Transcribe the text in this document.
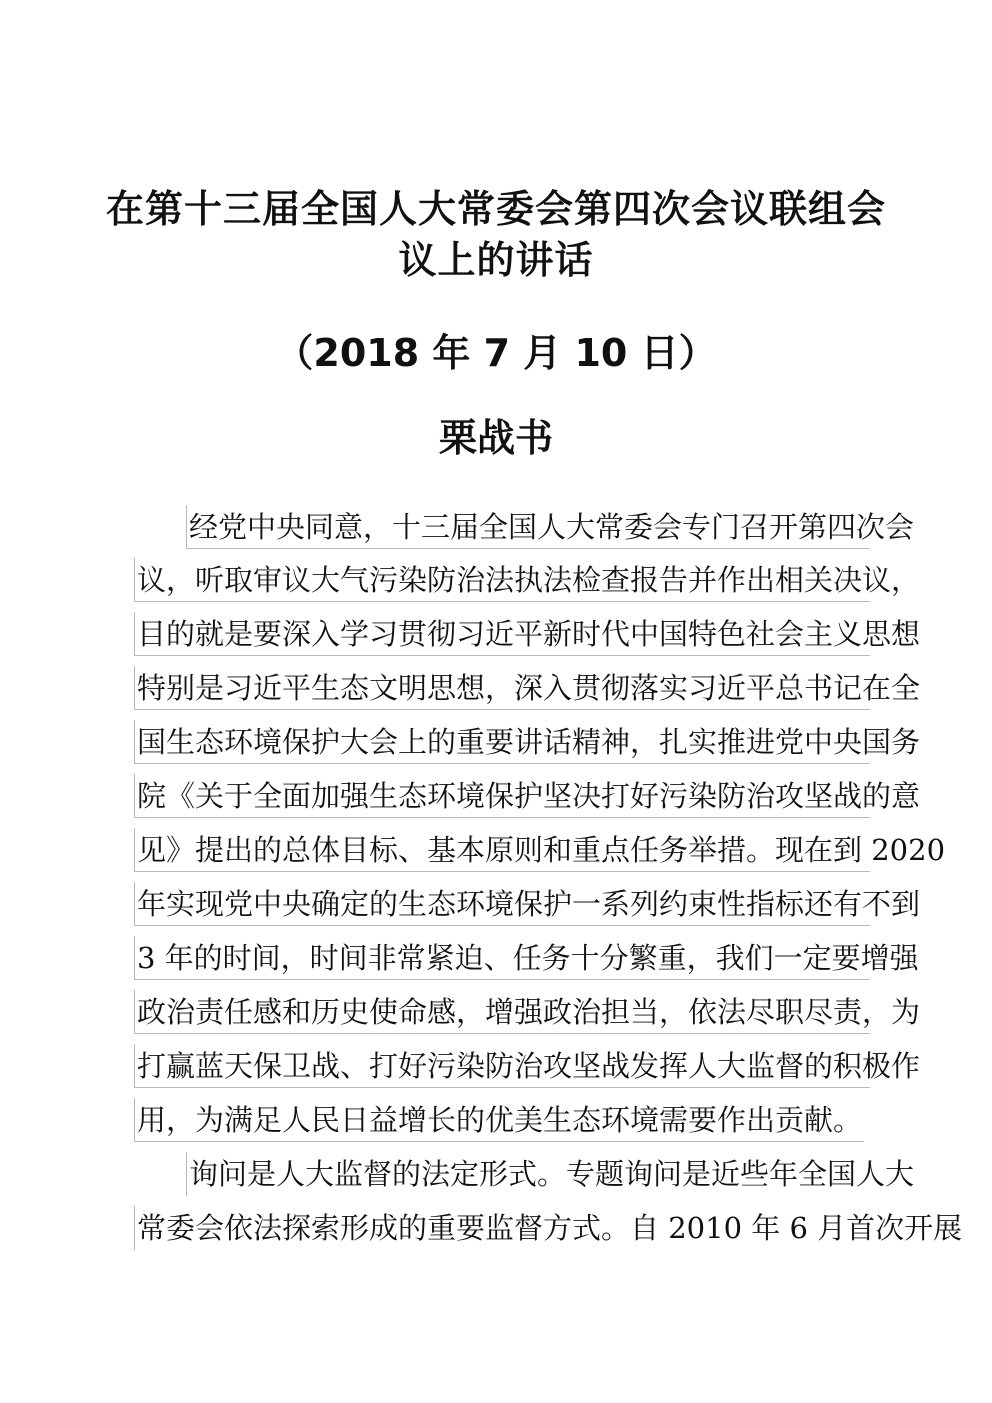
在第十三届全国人大常委会第四次会议联组会
议上的讲话
（2018 年 7 月 10 日）
栗战书
经党中央同意，十三届全国人大常委会专门召开第四次会
议，听取审议大气污染防治法执法检查报告并作出相关决议，
目的就是要深入学习贯彻习近平新时代中国特色社会主义思想
特别是习近平生态文明思想，深入贯彻落实习近平总书记在全
国生态环境保护大会上的重要讲话精神，扎实推进党中央国务
院《关于全面加强生态环境保护坚决打好污染防治攻坚战的意
见》提出的总体目标、基本原则和重点任务举措。现在到 2020
年实现党中央确定的生态环境保护一系列约束性指标还有不到
3 年的时间，时间非常紧迫、任务十分繁重，我们一定要增强
政治责任感和历史使命感，增强政治担当，依法尽职尽责，为
打赢蓝天保卫战、打好污染防治攻坚战发挥人大监督的积极作
用，为满足人民日益增长的优美生态环境需要作出贡献。
询问是人大监督的法定形式。专题询问是近些年全国人大
常委会依法探索形成的重要监督方式。自 2010 年 6 月首次开展
